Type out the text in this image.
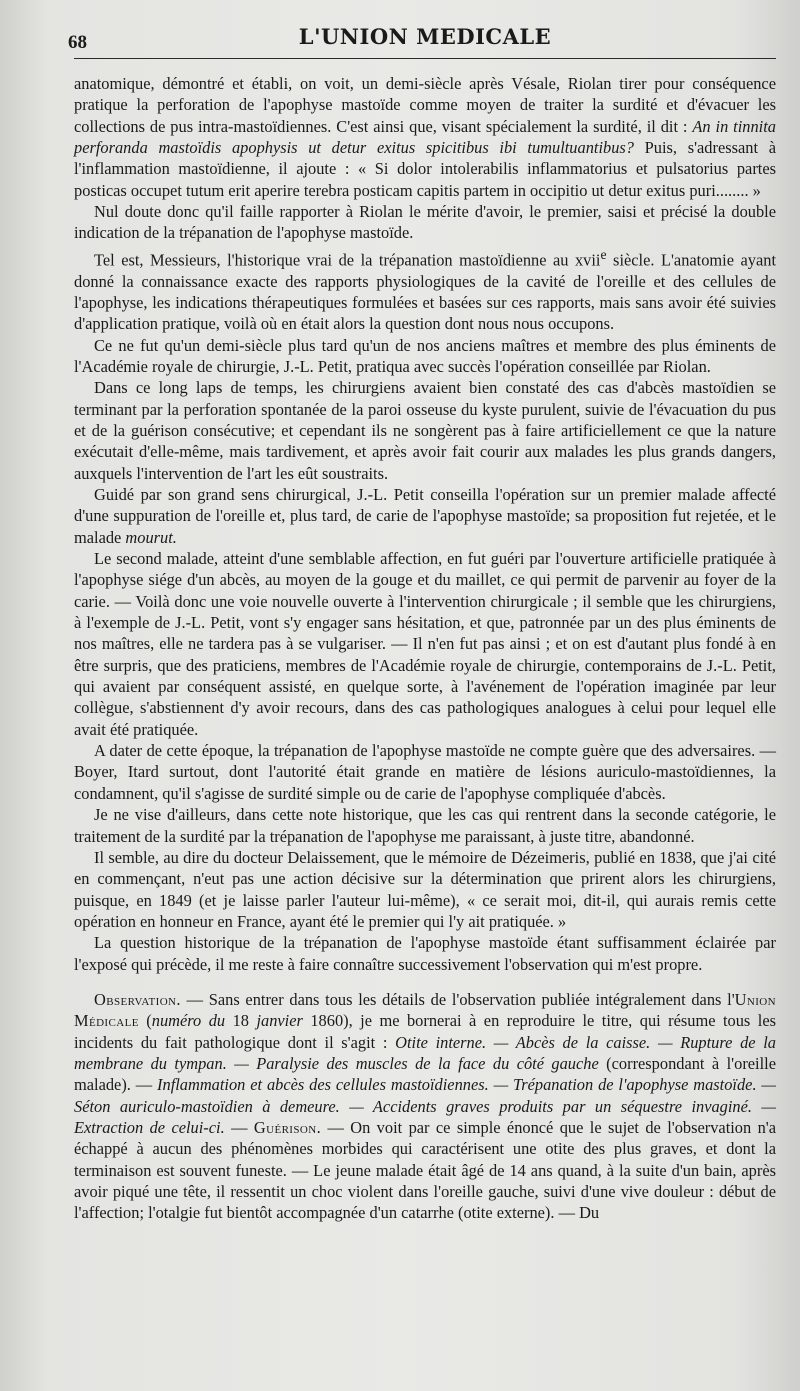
68	L'UNION MEDICALE

anatomique, démontré et établi, on voit, un demi-siècle après Vésale, Riolan tirer pour conséquence pratique la perforation de l'apophyse mastoïde comme moyen de traiter la surdité et d'évacuer les collections de pus intra-mastoïdiennes. C'est ainsi que, visant spécialement la surdité, il dit : An in tinnita perforanda mastoïdis apophysis ut detur exitus spicitibus ibi tumultuantibus? Puis, s'adressant à l'inflammation mastoïdienne, il ajoute : « Si dolor intolerabilis inflammatorius et pulsatorius partes posticas occupet tutum erit aperire terebra posticam capitis partem in occipitio ut detur exitus puri........ »

Nul doute donc qu'il faille rapporter à Riolan le mérite d'avoir, le premier, saisi et précisé la double indication de la trépanation de l'apophyse mastoïde.

Tel est, Messieurs, l'historique vrai de la trépanation mastoïdienne au xvii$^e$ siècle. L'anatomie ayant donné la connaissance exacte des rapports physiologiques de la cavité de l'oreille et des cellules de l'apophyse, les indications thérapeutiques formulées et basées sur ces rapports, mais sans avoir été suivies d'application pratique, voilà où en était alors la question dont nous nous occupons.

Ce ne fut qu'un demi-siècle plus tard qu'un de nos anciens maîtres et membre des plus éminents de l'Académie royale de chirurgie, J.-L. Petit, pratiqua avec succès l'opération conseillée par Riolan.

Dans ce long laps de temps, les chirurgiens avaient bien constaté des cas d'abcès mastoïdien se terminant par la perforation spontanée de la paroi osseuse du kyste purulent, suivie de l'évacuation du pus et de la guérison consécutive; et cependant ils ne songèrent pas à faire artificiellement ce que la nature exécutait d'elle-même, mais tardivement, et après avoir fait courir aux malades les plus grands dangers, auxquels l'intervention de l'art les eût soustraits.

Guidé par son grand sens chirurgical, J.-L. Petit conseilla l'opération sur un premier malade affecté d'une suppuration de l'oreille et, plus tard, de carie de l'apophyse mastoïde; sa proposition fut rejetée, et le malade mourut.

Le second malade, atteint d'une semblable affection, en fut guéri par l'ouverture artificielle pratiquée à l'apophyse siége d'un abcès, au moyen de la gouge et du maillet, ce qui permit de parvenir au foyer de la carie. — Voilà donc une voie nouvelle ouverte à l'intervention chirurgicale ; il semble que les chirurgiens, à l'exemple de J.-L. Petit, vont s'y engager sans hésitation, et que, patronnée par un des plus éminents de nos maîtres, elle ne tardera pas à se vulgariser. — Il n'en fut pas ainsi ; et on est d'autant plus fondé à en être surpris, que des praticiens, membres de l'Académie royale de chirurgie, contemporains de J.-L. Petit, qui avaient par conséquent assisté, en quelque sorte, à l'avénement de l'opération imaginée par leur collègue, s'abstiennent d'y avoir recours, dans des cas pathologiques analogues à celui pour lequel elle avait été pratiquée.

A dater de cette époque, la trépanation de l'apophyse mastoïde ne compte guère que des adversaires. — Boyer, Itard surtout, dont l'autorité était grande en matière de lésions auriculo-mastoïdiennes, la condamnent, qu'il s'agisse de surdité simple ou de carie de l'apophyse compliquée d'abcès.

Je ne vise d'ailleurs, dans cette note historique, que les cas qui rentrent dans la seconde catégorie, le traitement de la surdité par la trépanation de l'apophyse me paraissant, à juste titre, abandonné.

Il semble, au dire du docteur Delaissement, que le mémoire de Dézeimeris, publié en 1838, que j'ai cité en commençant, n'eut pas une action décisive sur la détermination que prirent alors les chirurgiens, puisque, en 1849 (et je laisse parler l'auteur lui-même), « ce serait moi, dit-il, qui aurais remis cette opération en honneur en France, ayant été le premier qui l'y ait pratiquée. »

La question historique de la trépanation de l'apophyse mastoïde étant suffisamment éclairée par l'exposé qui précède, il me reste à faire connaître successivement l'observation qui m'est propre.

Observation. — Sans entrer dans tous les détails de l'observation publiée intégralement dans l'Union Médicale (numéro du 18 janvier 1860), je me bornerai à en reproduire le titre, qui résume tous les incidents du fait pathologique dont il s'agit : Otite interne. — Abcès de la caisse. — Rupture de la membrane du tympan. — Paralysie des muscles de la face du côté gauche (correspondant à l'oreille malade). — Inflammation et abcès des cellules mastoïdiennes. — Trépanation de l'apophyse mastoïde. — Séton auriculo-mastoïdien à demeure. — Accidents graves produits par un séquestre invaginé. — Extraction de celui-ci. — Guérison. — On voit par ce simple énoncé que le sujet de l'observation n'a échappé à aucun des phénomènes morbides qui caractérisent une otite des plus graves, et dont la terminaison est souvent funeste. — Le jeune malade était âgé de 14 ans quand, à la suite d'un bain, après avoir piqué une tête, il ressentit un choc violent dans l'oreille gauche, suivi d'une vive douleur : début de l'affection; l'otalgie fut bientôt accompagnée d'un catarrhe (otite externe). — Du
